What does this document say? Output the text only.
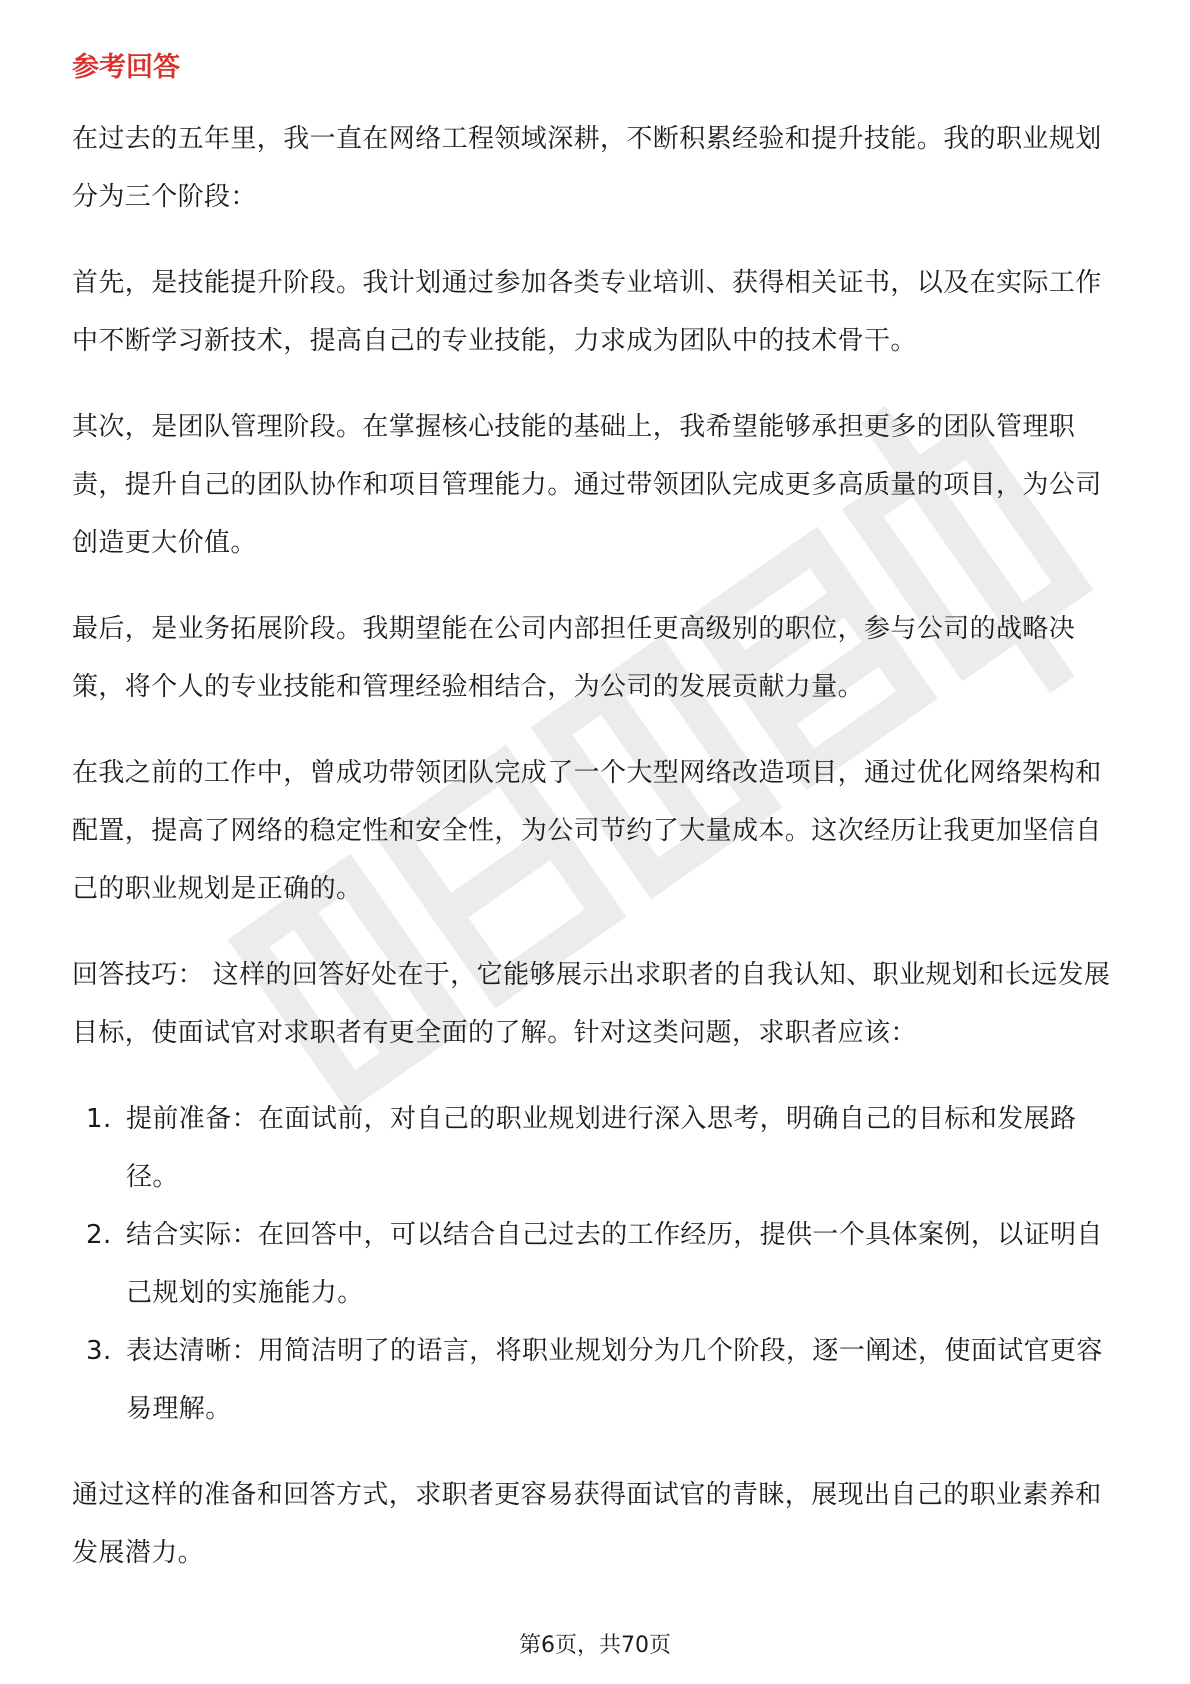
参考回答

在过去的五年里，我一直在网络工程领域深耕，不断积累经验和提升技能。我的职业规划分为三个阶段：

首先，是技能提升阶段。我计划通过参加各类专业培训、获得相关证书，以及在实际工作中不断学习新技术，提高自己的专业技能，力求成为团队中的技术骨干。

其次，是团队管理阶段。在掌握核心技能的基础上，我希望能够承担更多的团队管理职责，提升自己的团队协作和项目管理能力。通过带领团队完成更多高质量的项目，为公司创造更大价值。

最后，是业务拓展阶段。我期望能在公司内部担任更高级别的职位，参与公司的战略决策，将个人的专业技能和管理经验相结合，为公司的发展贡献力量。

在我之前的工作中，曾成功带领团队完成了一个大型网络改造项目，通过优化网络架构和配置，提高了网络的稳定性和安全性，为公司节约了大量成本。这次经历让我更加坚信自己的职业规划是正确的。

回答技巧： 这样的回答好处在于，它能够展示出求职者的自我认知、职业规划和长远发展目标，使面试官对求职者有更全面的了解。针对这类问题，求职者应该：

1. 提前准备：在面试前，对自己的职业规划进行深入思考，明确自己的目标和发展路径。
2. 结合实际：在回答中，可以结合自己过去的工作经历，提供一个具体案例，以证明自己规划的实施能力。
3. 表达清晰：用简洁明了的语言，将职业规划分为几个阶段，逐一阐述，使面试官更容易理解。

通过这样的准备和回答方式，求职者更容易获得面试官的青睐，展现出自己的职业素养和发展潜力。

第6页，共70页
